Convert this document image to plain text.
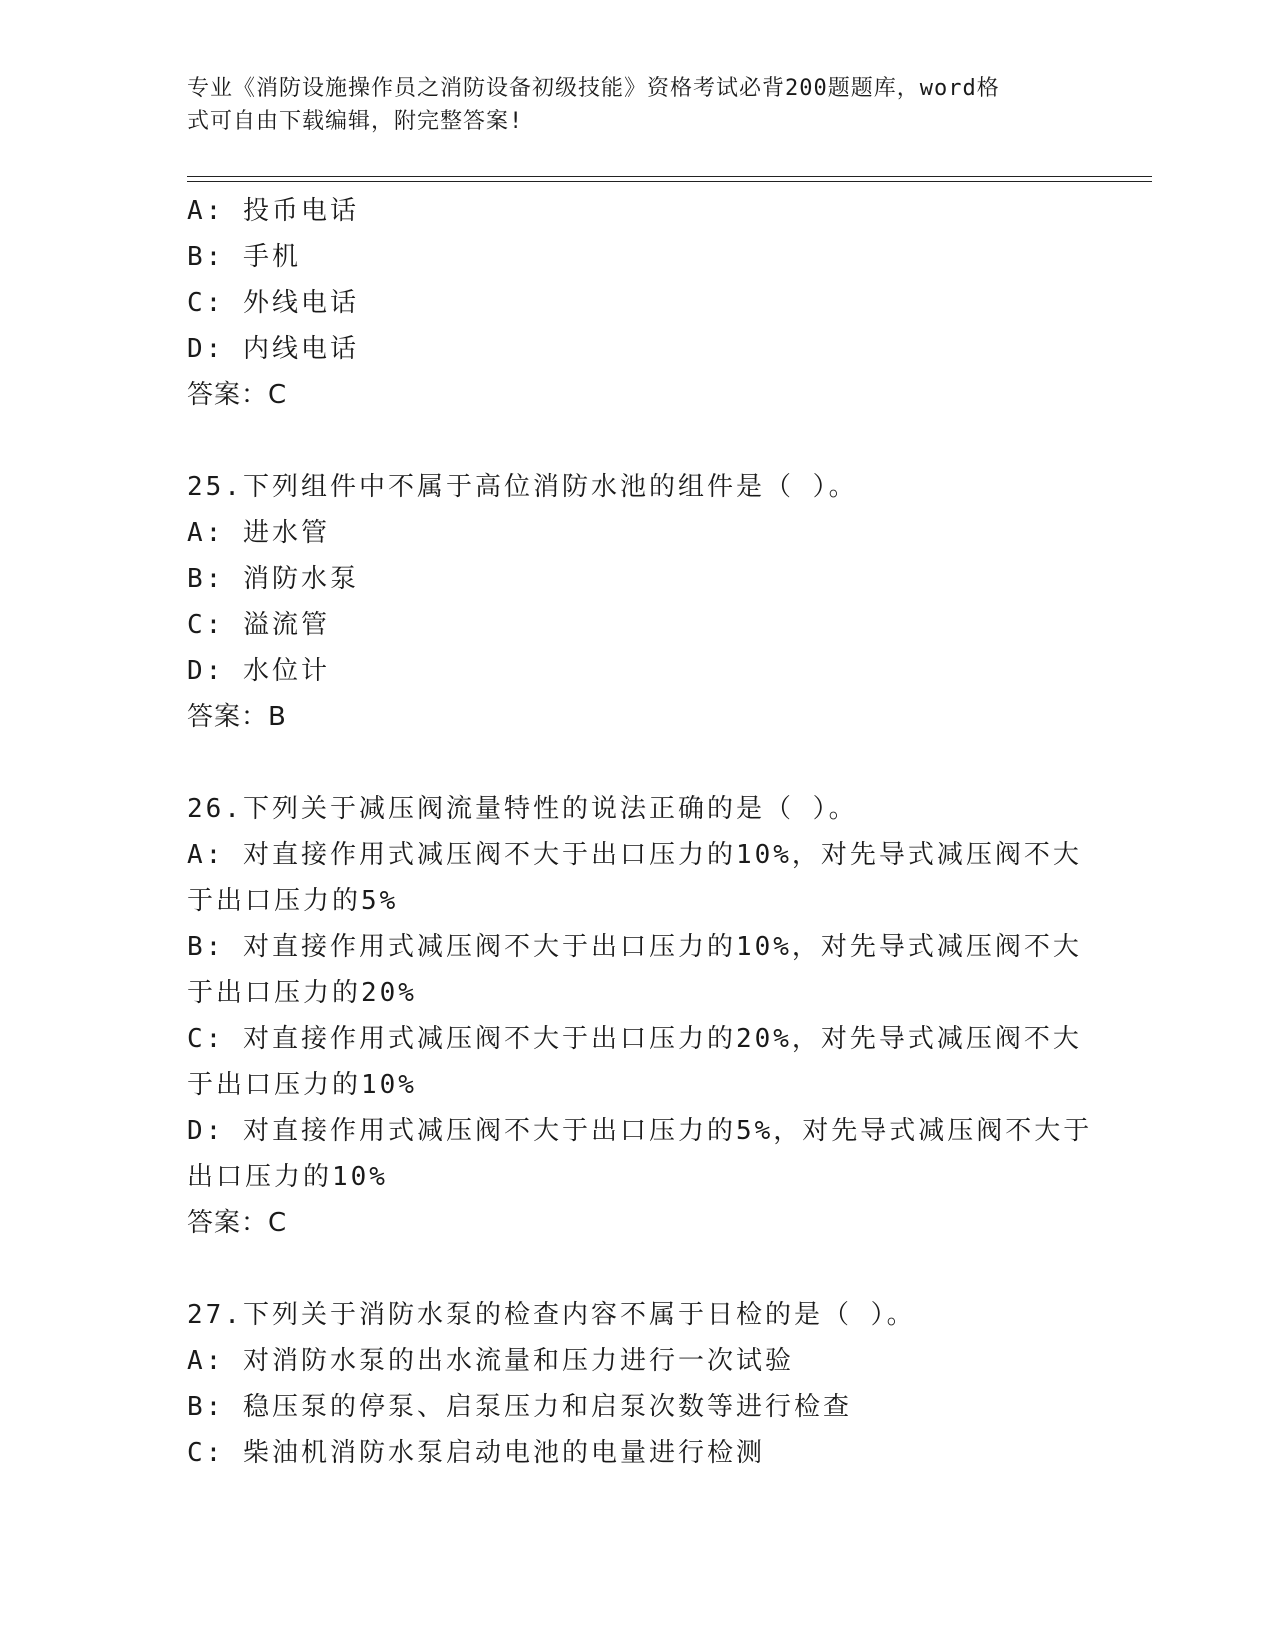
专业《消防设施操作员之消防设备初级技能》资格考试必背200题题库，word格
式可自由下载编辑，附完整答案!
A: 投币电话
B: 手机
C: 外线电话
D: 内线电话
答案：C
25.下列组件中不属于高位消防水池的组件是（ ）。
A: 进水管
B: 消防水泵
C: 溢流管
D: 水位计
答案：B
26.下列关于减压阀流量特性的说法正确的是（ ）。
A: 对直接作用式减压阀不大于出口压力的10%，对先导式减压阀不大
于出口压力的5%
B: 对直接作用式减压阀不大于出口压力的10%，对先导式减压阀不大
于出口压力的20%
C: 对直接作用式减压阀不大于出口压力的20%，对先导式减压阀不大
于出口压力的10%
D: 对直接作用式减压阀不大于出口压力的5%，对先导式减压阀不大于
出口压力的10%
答案：C
27.下列关于消防水泵的检查内容不属于日检的是（ ）。
A: 对消防水泵的出水流量和压力进行一次试验
B: 稳压泵的停泵、启泵压力和启泵次数等进行检查
C: 柴油机消防水泵启动电池的电量进行检测
